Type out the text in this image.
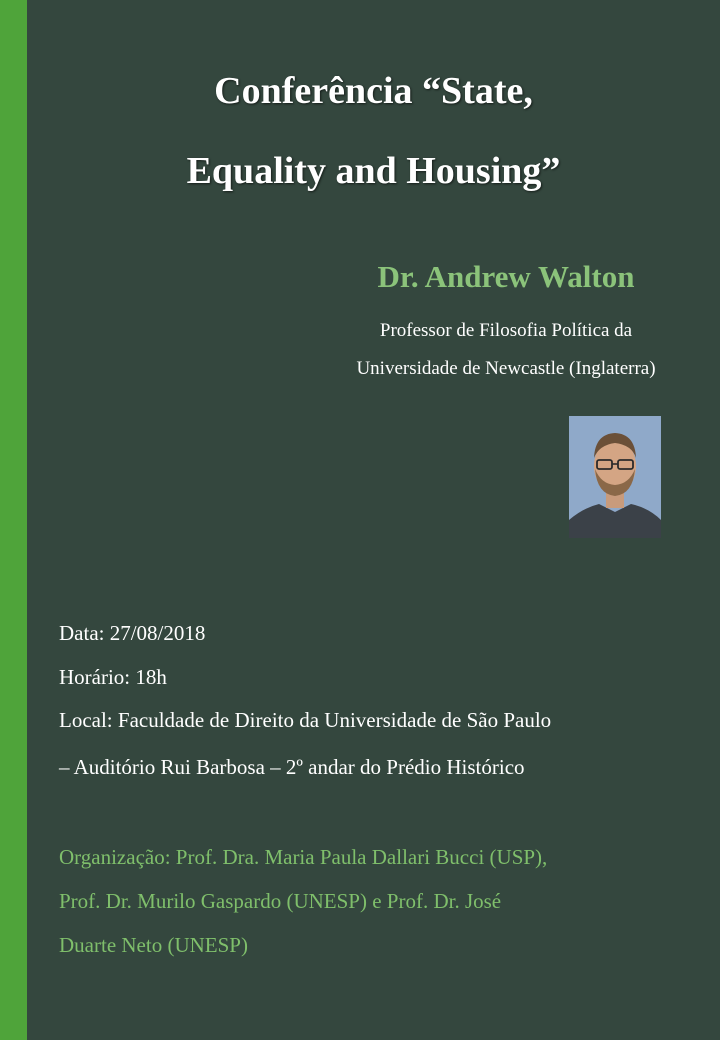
Conferência “State,
Equality and Housing”
Dr. Andrew Walton

Professor de Filosofia Política da

Universidade de Newcastle (Inglaterra)

Data: 27/08/2018

Horário: 18h

Local: Faculdade de Direito da Universidade de São Paulo

– Auditório Rui Barbosa – 2º andar do Prédio Histórico

Organização: Prof. Dra. Maria Paula Dallari Bucci (USP),

Prof. Dr. Murilo Gaspardo (UNESP) e Prof. Dr. José

Duarte Neto (UNESP)
